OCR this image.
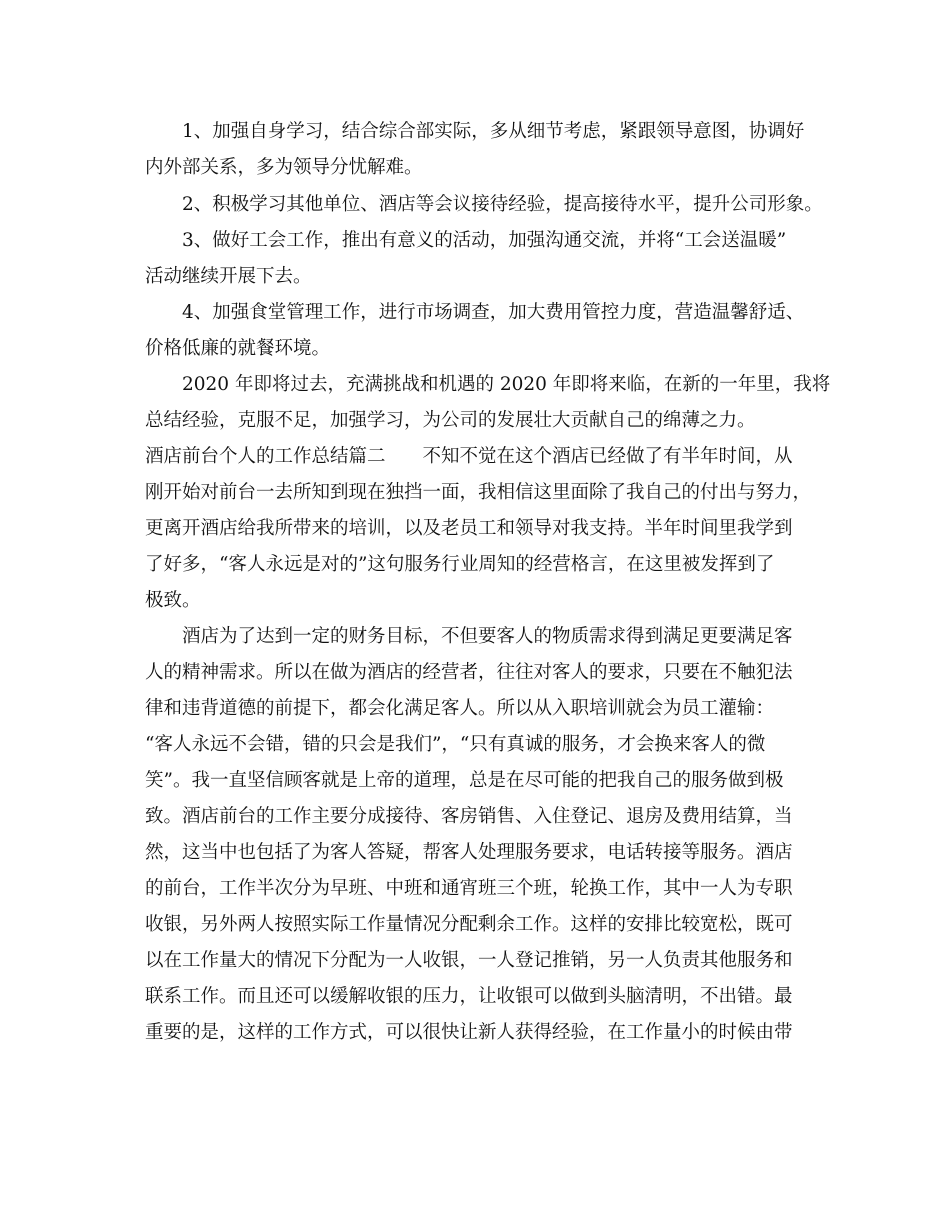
1、加强自身学习，结合综合部实际，多从细节考虑，紧跟领导意图，协调好

内外部关系，多为领导分忧解难。

2、积极学习其他单位、酒店等会议接待经验，提高接待水平，提升公司形象。

3、做好工会工作，推出有意义的活动，加强沟通交流，并将“工会送温暖”

活动继续开展下去。

4、加强食堂管理工作，进行市场调查，加大费用管控力度，营造温馨舒适、

价格低廉的就餐环境。

2020 年即将过去，充满挑战和机遇的 2020 年即将来临，在新的一年里，我将

总结经验，克服不足，加强学习，为公司的发展壮大贡献自己的绵薄之力。

酒店前台个人的工作总结篇二　　不知不觉在这个酒店已经做了有半年时间，从

刚开始对前台一去所知到现在独挡一面，我相信这里面除了我自己的付出与努力，

更离开酒店给我所带来的培训，以及老员工和领导对我支持。半年时间里我学到

了好多，“客人永远是对的”这句服务行业周知的经营格言，在这里被发挥到了

极致。

酒店为了达到一定的财务目标，不但要客人的物质需求得到满足更要满足客

人的精神需求。所以在做为酒店的经营者，往往对客人的要求，只要在不触犯法

律和违背道德的前提下，都会化满足客人。所以从入职培训就会为员工灌输：

“客人永远不会错，错的只会是我们”，“只有真诚的服务，才会换来客人的微

笑”。我一直坚信顾客就是上帝的道理，总是在尽可能的把我自己的服务做到极

致。酒店前台的工作主要分成接待、客房销售、入住登记、退房及费用结算，当

然，这当中也包括了为客人答疑，帮客人处理服务要求，电话转接等服务。酒店

的前台，工作半次分为早班、中班和通宵班三个班，轮换工作，其中一人为专职

收银，另外两人按照实际工作量情况分配剩余工作。这样的安排比较宽松，既可

以在工作量大的情况下分配为一人收银，一人登记推销，另一人负责其他服务和

联系工作。而且还可以缓解收银的压力，让收银可以做到头脑清明，不出错。最

重要的是，这样的工作方式，可以很快让新人获得经验，在工作量小的时候由带
